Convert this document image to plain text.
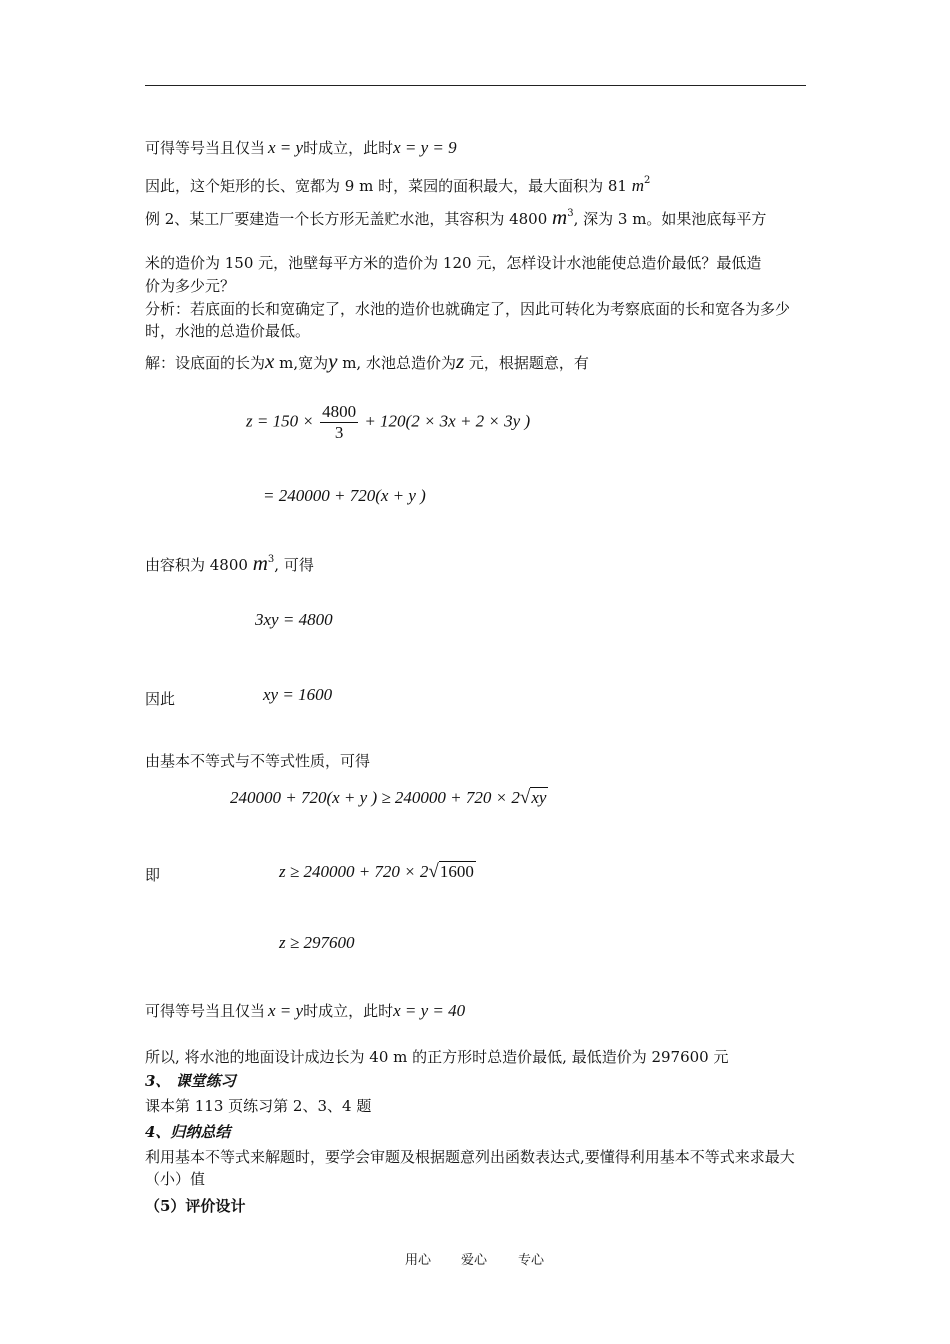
可得等号当且仅当 x = y时成立，此时x = y = 9
因此，这个矩形的长、宽都为 9 m 时，菜园的面积最大，最大面积为 81 $m^2$
例 2、某工厂要建造一个长方形无盖贮水池，其容积为 4800 $m^3$, 深为 3 m。如果池底每平方
米的造价为 150 元，池壁每平方米的造价为 120 元，怎样设计水池能使总造价最低？最低造
价为多少元？
分析：若底面的长和宽确定了，水池的造价也就确定了，因此可转化为考察底面的长和宽各为多少时，水池的总造价最低。
解：设底面的长为x m,宽为y m, 水池总造价为z 元，根据题意，有
$z = 150 \times \frac{4800}{3} + 120(2 \times 3x + 2 \times 3y$ )
= 240000 + 720(x + y )
由容积为 4800 $m^3$, 可得
3xy = 4800
因此	xy = 1600
由基本不等式与不等式性质，可得
240000 + 720(x + y ) ≥ 240000 + 720 × 2√xy
即	z ≥ 240000 + 720 × 2√1600
z ≥ 297600
可得等号当且仅当 x = y时成立，此时x = y = 40
所以, 将水池的地面设计成边长为 40 m 的正方形时总造价最低, 最低造价为 297600 元
3、 课堂练习
课本第 113 页练习第 2、3、4 题
4、归纳总结
利用基本不等式来解题时，要学会审题及根据题意列出函数表达式,要懂得利用基本不等式来求最大（小）值
（5）评价设计
用心 爱心 专心
